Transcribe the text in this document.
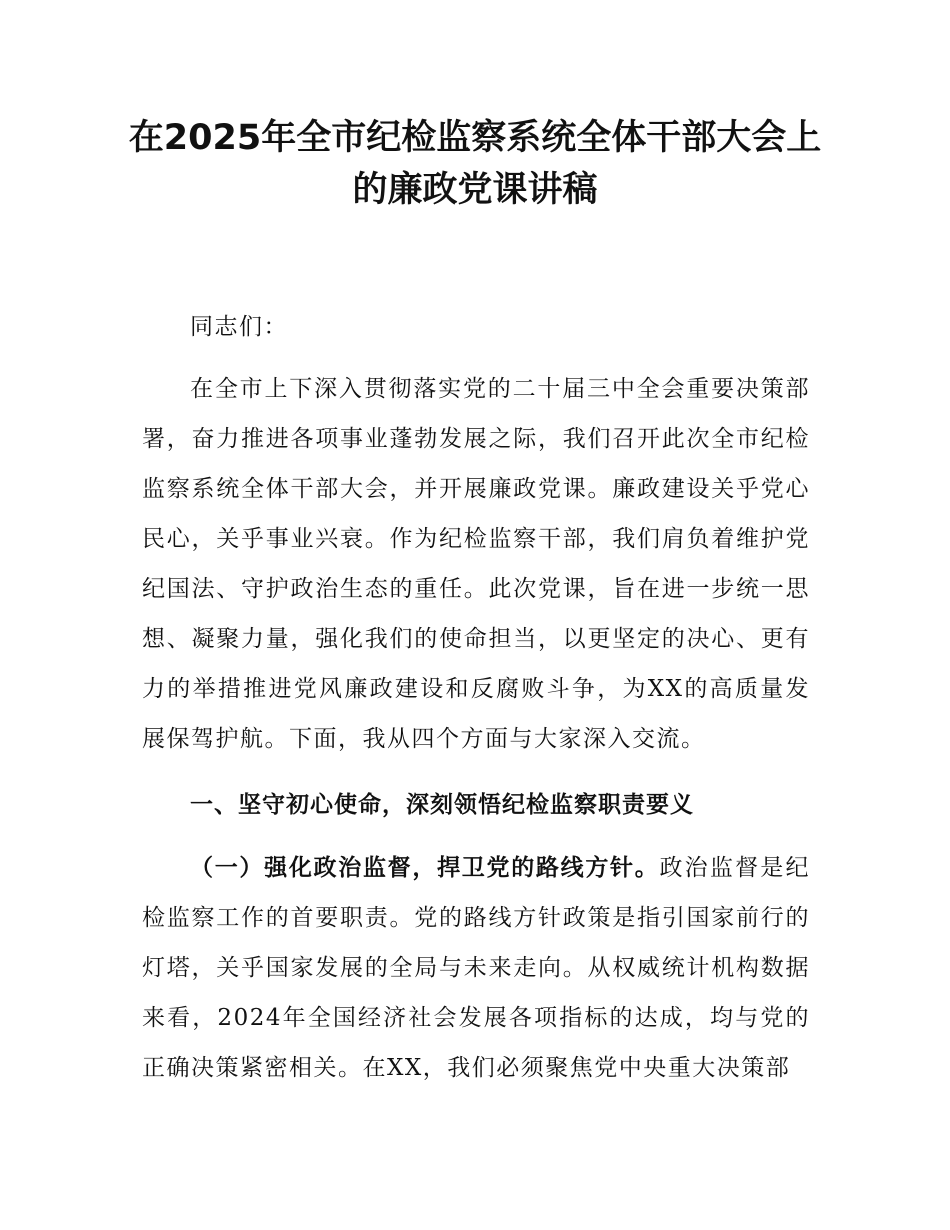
在2025年全市纪检监察系统全体干部大会上
的廉政党课讲稿

同志们：

在全市上下深入贯彻落实党的二十届三中全会重要决策部署，奋力推进各项事业蓬勃发展之际，我们召开此次全市纪检监察系统全体干部大会，并开展廉政党课。廉政建设关乎党心民心，关乎事业兴衰。作为纪检监察干部，我们肩负着维护党纪国法、守护政治生态的重任。此次党课，旨在进一步统一思想、凝聚力量，强化我们的使命担当，以更坚定的决心、更有力的举措推进党风廉政建设和反腐败斗争，为XX的高质量发展保驾护航。下面，我从四个方面与大家深入交流。

一、坚守初心使命，深刻领悟纪检监察职责要义

（一）强化政治监督，捍卫党的路线方针。政治监督是纪检监察工作的首要职责。党的路线方针政策是指引国家前行的灯塔，关乎国家发展的全局与未来走向。从权威统计机构数据来看，2024年全国经济社会发展各项指标的达成，均与党的正确决策紧密相关。在XX，我们必须聚焦党中央重大决策部
